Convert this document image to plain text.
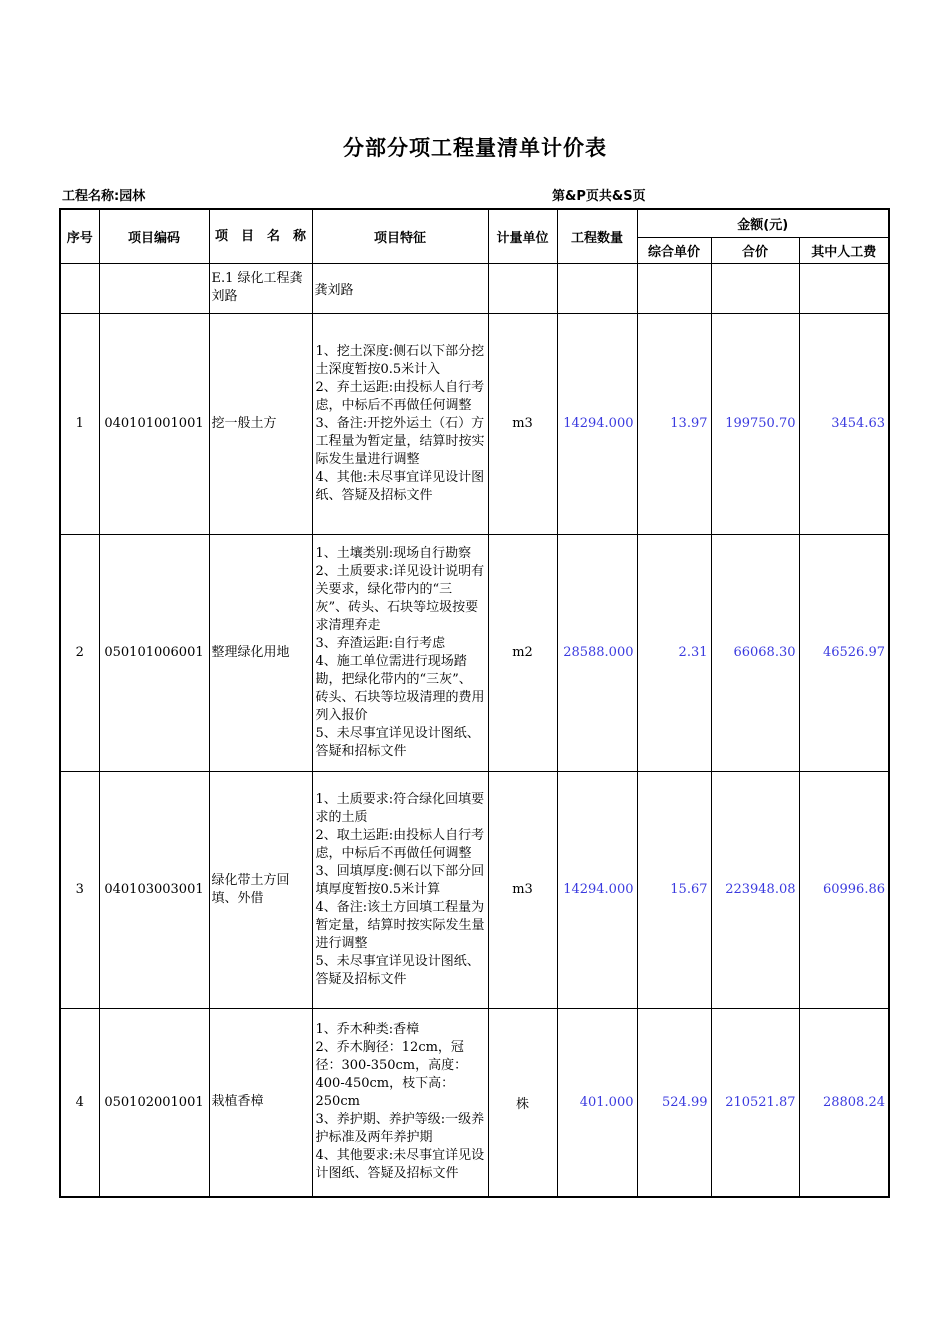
分部分项工程量清单计价表
工程名称:园林	第&P页共&S页
序号	项目编码	项　目　名　称	项目特征	计量单位	工程数量	金额(元)		
						综合单价	合价	其中人工费
		E.1 绿化工程龚刘路	龚刘路					
1	040101001001	挖一般土方	1、挖土深度:侧石以下部分挖土深度暂按0.5米计入
2、弃土运距:由投标人自行考虑，中标后不再做任何调整
3、备注:开挖外运土（石）方工程量为暂定量，结算时按实际发生量进行调整
4、其他:未尽事宜详见设计图纸、答疑及招标文件	m3	14294.000	13.97	199750.70	3454.63
2	050101006001	整理绿化用地	1、土壤类别:现场自行勘察
2、土质要求:详见设计说明有关要求，绿化带内的“三灰”、砖头、石块等垃圾按要求清理弃走
3、弃渣运距:自行考虑
4、施工单位需进行现场踏勘，把绿化带内的“三灰”、砖头、石块等垃圾清理的费用列入报价
5、未尽事宜详见设计图纸、答疑和招标文件	m2	28588.000	2.31	66068.30	46526.97
3	040103003001	绿化带土方回填、外借	1、土质要求:符合绿化回填要求的土质
2、取土运距:由投标人自行考虑，中标后不再做任何调整
3、回填厚度:侧石以下部分回填厚度暂按0.5米计算
4、备注:该土方回填工程量为暂定量，结算时按实际发生量进行调整
5、未尽事宜详见设计图纸、答疑及招标文件	m3	14294.000	15.67	223948.08	60996.86
4	050102001001	栽植香樟	1、乔木种类:香樟
2、乔木胸径：12cm，冠径：300-350cm，高度：400-450cm，枝下高：250cm
3、养护期、养护等级:一级养护标准及两年养护期
4、其他要求:未尽事宜详见设计图纸、答疑及招标文件	株	401.000	524.99	210521.87	28808.24
